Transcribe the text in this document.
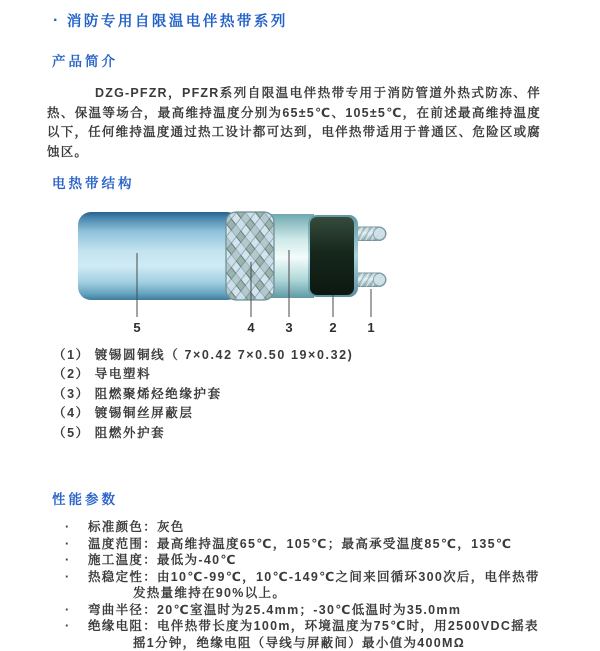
· 消防专用自限温电伴热带系列
产品简介

DZG-PFZR，PFZR系列自限温电伴热带专用于消防管道外热式防冻、伴热、保温等场合，最高维持温度分别为65±5℃、105±5℃，在前述最高维持温度以下，任何维持温度通过热工设计都可达到，电伴热带适用于普通区、危险区或腐蚀区。

电热带结构
5	4 3	2 1
（1） 镀锡圆铜线（ 7×0.42 7×0.50 19×0.32)
（2） 导电塑料
（3） 阻燃聚烯烃绝缘护套
（4） 镀锡铜丝屏蔽层
（5） 阻燃外护套
性能参数
· 标准颜色：灰色
· 温度范围：最高维持温度65℃，105℃；最高承受温度85℃，135℃
· 施工温度：最低为-40℃
· 热稳定性：由10℃-99℃，10℃-149℃之间来回循环300次后，电伴热带发热量维持在90%以上。
· 弯曲半径：20℃室温时为25.4mm；-30℃低温时为35.0mm
· 绝缘电阻：电伴热带长度为100m，环境温度为75℃时，用2500VDC摇表摇1分钟，绝缘电阻（导线与屏蔽间）最小值为400MΩ
